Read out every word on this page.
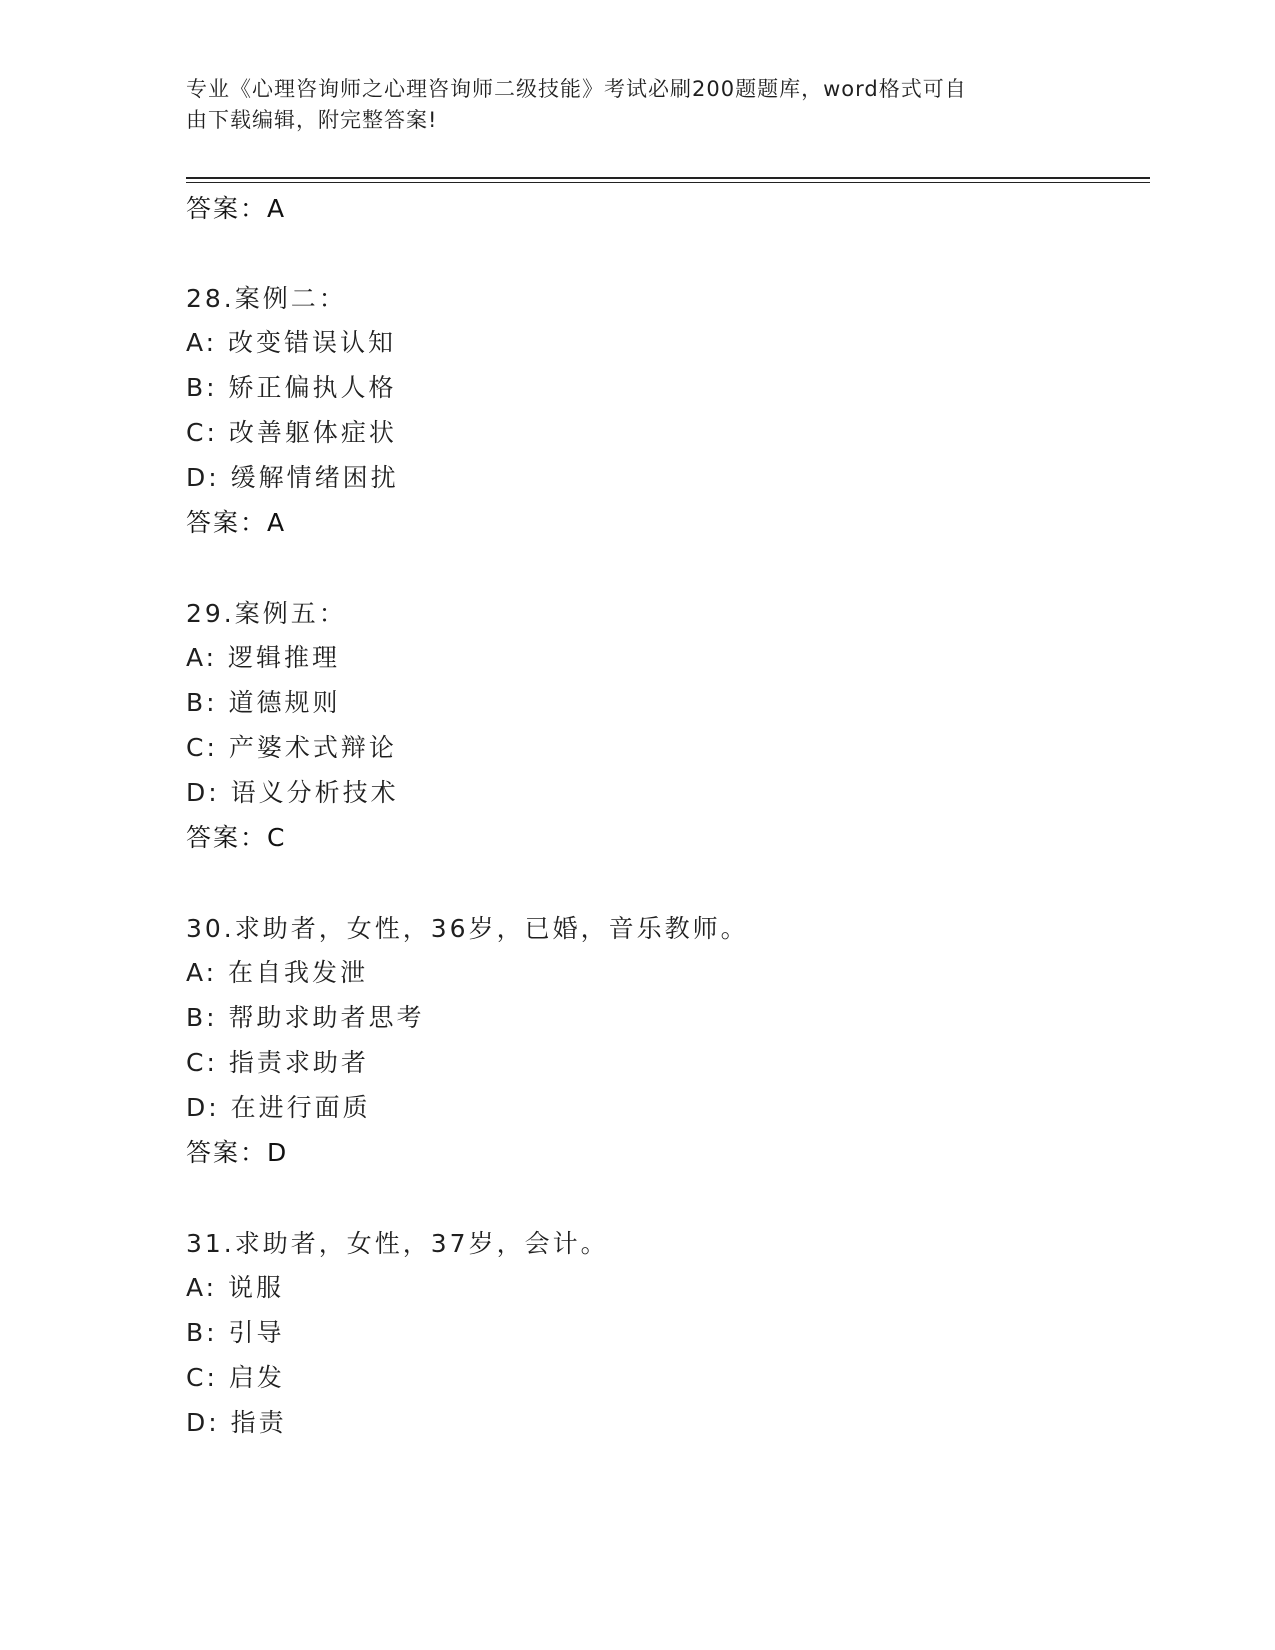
专业《心理咨询师之心理咨询师二级技能》考试必刷200题题库，word格式可自
由下载编辑，附完整答案!
答案：A
28.案例二：
A: 改变错误认知
B: 矫正偏执人格
C: 改善躯体症状
D: 缓解情绪困扰
答案：A
29.案例五：
A: 逻辑推理
B: 道德规则
C: 产婆术式辩论
D: 语义分析技术
答案：C
30.求助者，女性，36岁，已婚，音乐教师。
A: 在自我发泄
B: 帮助求助者思考
C: 指责求助者
D: 在进行面质
答案：D
31.求助者，女性，37岁，会计。
A: 说服
B: 引导
C: 启发
D: 指责
